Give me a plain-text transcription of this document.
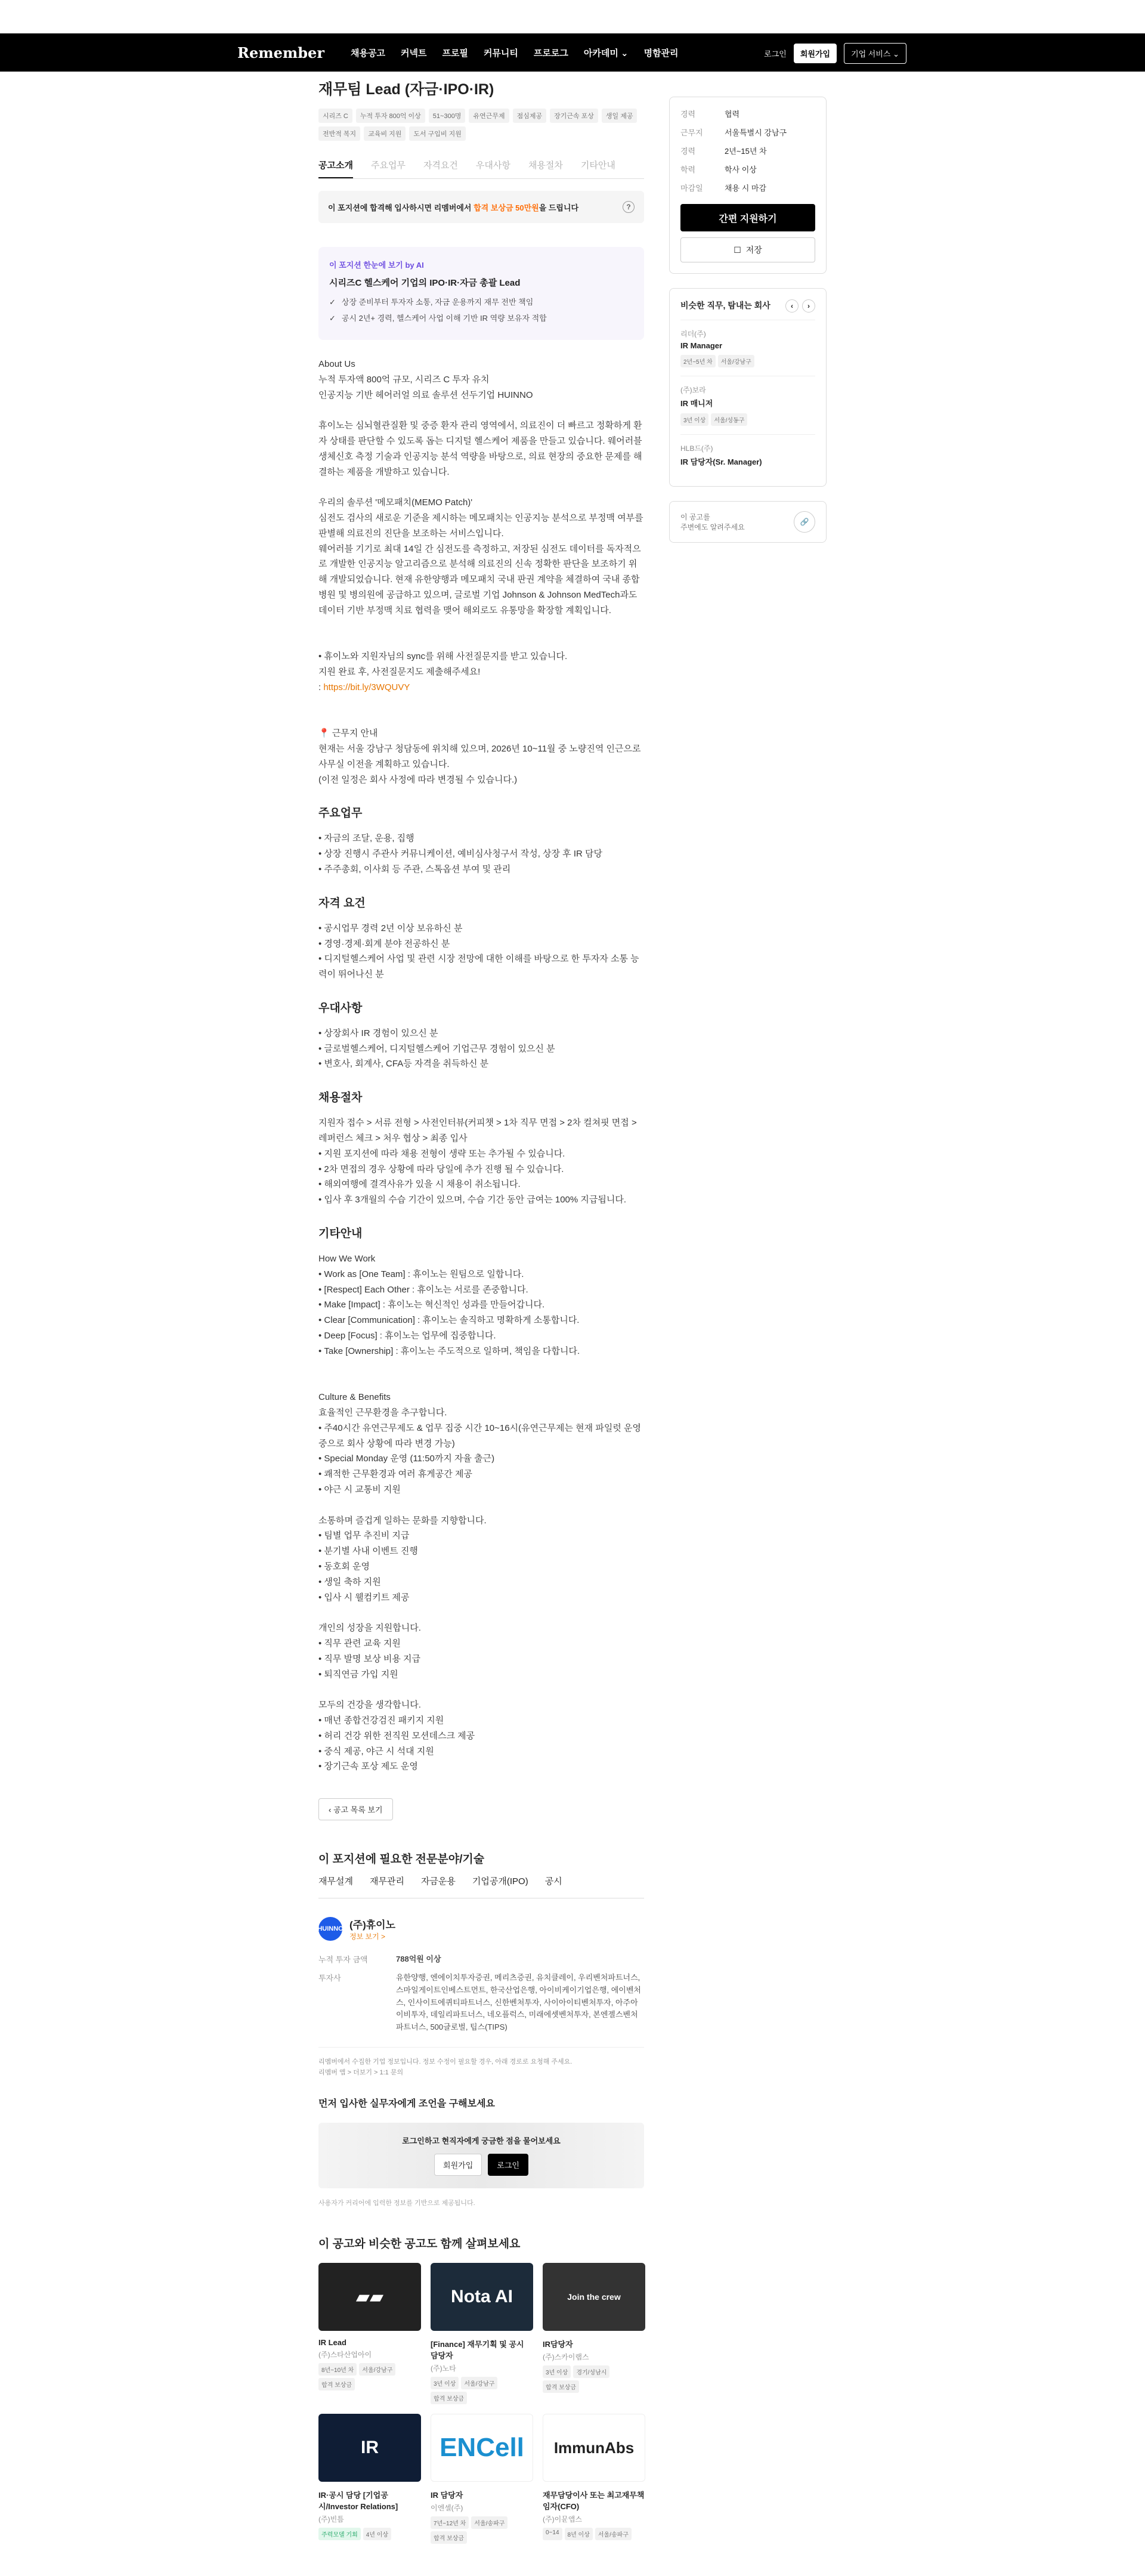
Remember	채용공고 커넥트 프로필 커뮤니티 프로로그 아카데미 ⌄ 명함관리	로그인	회원가입	기업 서비스 ⌄
재무팀 Lead (자금·IPO·IR)
시리즈 C	누적 투자 800억 이상	51~300명	유연근무제	점심제공	장기근속 포상	생일 제공
전반적 복지	교육비 지원	도서 구입비 지원
공고소개 주요업무 자격요건 우대사항 채용절차 기타안내
이 포지션에 합격해 입사하시면 리멤버에서 합격 보상금 50만원을 드립니다	?
이 포지션 한눈에 보기 by AI
시리즈C 헬스케어 기업의 IPO·IR·자금 총괄 Lead
✓ 상장 준비부터 투자자 소통, 자금 운용까지 재무 전반 책임
✓ 공시 2년+ 경력, 헬스케어 사업 이해 기반 IR 역량 보유자 적합
About Us
누적 투자액 800억 규모, 시리즈 C 투자 유치
인공지능 기반 헤어러얼 의료 솔루션 선두기업 HUINNO

휴이노는 심뇌혈관질환 및 중증 환자 관리 영역에서, 의료진이 더 빠르고 정확하게 환자 상태를 판단할 수 있도록 돕는 디지털 헬스케어 제품을 만들고 있습니다. 웨어러블 생체신호 측정 기술과 인공지능 분석 역량을 바탕으로, 의료 현장의 중요한 문제를 해결하는 제품을 개발하고 있습니다.

우리의 솔루션 '메모패치(MEMO Patch)'
심전도 검사의 새로운 기준을 제시하는 메모패치는 인공지능 분석으로 부정맥 여부를 판별해 의료진의 진단을 보조하는 서비스입니다.
웨어러블 기기로 최대 14일 간 심전도를 측정하고, 저장된 심전도 데이터를 독자적으로 개발한 인공지능 알고리즘으로 분석해 의료진의 신속 정확한 판단을 보조하기 위해 개발되었습니다. 현재 유한양행과 메모패치 국내 판권 계약을 체결하여 국내 종합병원 및 병의원에 공급하고 있으며, 글로벌 기업 Johnson & Johnson MedTech과도 데이터 기반 부정맥 치료 협력을 맺어 해외로도 유통망을 확장할 계획입니다.

• 휴이노와 지원자님의 sync를 위해 사전질문지를 받고 있습니다.
지원 완료 후, 사전질문지도 제출해주세요!
: https://bit.ly/3WQUVY

📍 근무지 안내
현재는 서울 강남구 청담동에 위치해 있으며, 2026년 10~11월 중 노량진역 인근으로 사무실 이전을 계획하고 있습니다.
(이전 일정은 회사 사정에 따라 변경될 수 있습니다.)
주요업무
• 자금의 조달, 운용, 집행
• 상장 진행시 주관사 커뮤니케이션, 예비심사청구서 작성, 상장 후 IR 담당
• 주주총회, 이사회 등 주관, 스톡옵션 부여 및 관리
자격 요건
• 공시업무 경력 2년 이상 보유하신 분
• 경영·경제·회계 분야 전공하신 분
• 디지털헬스케어 사업 및 관련 시장 전망에 대한 이해를 바탕으로 한 투자자 소통 능력이 뛰어나신 분
우대사항
• 상장회사 IR 경험이 있으신 분
• 글로벌헬스케어, 디지털헬스케어 기업근무 경험이 있으신 분
• 변호사, 회계사, CFA등 자격을 취득하신 분
채용절차
지원자 접수 > 서류 전형 > 사전인터뷰(커피챗 > 1차 직무 면접 > 2차 컬쳐핏 면접 > 레퍼런스 체크 > 처우 협상 > 최종 입사
• 지원 포지션에 따라 채용 전형이 생략 또는 추가될 수 있습니다.
• 2차 면접의 경우 상황에 따라 당일에 추가 진행 될 수 있습니다.
• 해외여행에 결격사유가 있을 시 채용이 취소됩니다.
• 입사 후 3개월의 수습 기간이 있으며, 수습 기간 동안 급여는 100% 지급됩니다.
기타안내
How We Work
• Work as [One Team] : 휴이노는 원팀으로 일합니다.
• [Respect] Each Other : 휴이노는 서로를 존중합니다.
• Make [Impact] : 휴이노는 혁신적인 성과를 만들어갑니다.
• Clear [Communication] : 휴이노는 솔직하고 명확하게 소통합니다.
• Deep [Focus] : 휴이노는 업무에 집중합니다.
• Take [Ownership] : 휴이노는 주도적으로 일하며, 책임을 다합니다.

Culture & Benefits
효율적인 근무환경을 추구합니다.
• 주40시간 유연근무제도 & 업무 집중 시간 10~16시(유연근무제는 현재 파일럿 운영중으로 회사 상황에 따라 변경 가능)
• Special Monday 운영 (11:50까지 자율 출근)
• 쾌적한 근무환경과 여러 휴게공간 제공
• 야근 시 교통비 지원

소통하며 즐겁게 일하는 문화를 지향합니다.
• 팀별 업무 추진비 지급
• 분기별 사내 이벤트 진행
• 동호회 운영
• 생일 축하 지원
• 입사 시 웰컴키트 제공

개인의 성장을 지원합니다.
• 직무 관련 교육 지원
• 직무 발명 보상 비용 지급
• 퇴직연금 가입 지원

모두의 건강을 생각합니다.
• 매년 종합건강검진 패키지 지원
• 허리 건강 위한 전직원 모션데스크 제공
• 중식 제공, 야근 시 석대 지원
• 장기근속 포상 제도 운영
‹ 공고 목록 보기
이 포지션에 필요한 전문분야/기술
재무설계 재무관리 자금운용 기업공개(IPO) 공시
HUINNO (주)휴이노
정보 보기 >
누적 투자 금액	788억원 이상
투자사	유한양행, 엔에이치투자증권, 메리츠증권, 유치클레이, 우리벤처파트너스, 스마일게이트인베스트먼트, 한국산업은행, 아이비케이기업은행, 에이벤처스, 인사이트에퀴티파트너스, 신한벤처투자, 사이아이티벤처투자, 아주아이비투자, 데일리파트너스, 네오플럭스, 미래에셋벤처투자, 본엔젤스벤처파트너스, 500글로벌, 팁스(TIPS)
리멤버에서 수집한 기업 정보입니다. 정보 수정이 필요할 경우, 아래 경로로 요청해 주세요.
리멤버 앱 > 더보기 > 1:1 문의
먼저 입사한 실무자에게 조언을 구해보세요
로그인하고 현직자에게 궁금한 점을 물어보세요
회원가입	로그인
사용자가 커리어에 입력한 정보를 기반으로 제공됩니다.
이 공고와 비슷한 공고도 함께 살펴보세요
▰▰
IR Lead
(주)스타산업아이
8년~10년 차	서울/강남구
합격 보상금
Nota AI
[Finance] 재무기획 및 공시 담당자
(주)노타
3년 이상	서울/강남구
합격 보상금
Join the crew
IR담당자
(주)스카이랩스
3년 이상	경기/성남시
합격 보상금
IR
IR·공시 담당 [기업공시/Investor Relations]
(주)빈틈
주력모델 기회	4년 이상
ENCell
IR 담당자
이엔셀(주)
7년~12년 차	서울/송파구
합격 보상금
ImmunAbs
재무담당이사 또는 최고재무책임자(CFO)
(주)이뮨앱스
0~14	8년 이상	서울/송파구
경력	협력
근무지	서울특별시 강남구
경력	2년~15년 차
학력	학사 이상
마감일	채용 시 마감
간편 지원하기
☐ 저장
비슷한 직무, 탐내는 회사	‹	›
리더(주)
IR Manager
2년~5년 차	서울/강남구
(주)보라
IR 매니저
3년 이상	서울/성동구
HLB드(주)
IR 담당자(Sr. Manager)
이 공고를
주변에도 알려주세요
🔗
